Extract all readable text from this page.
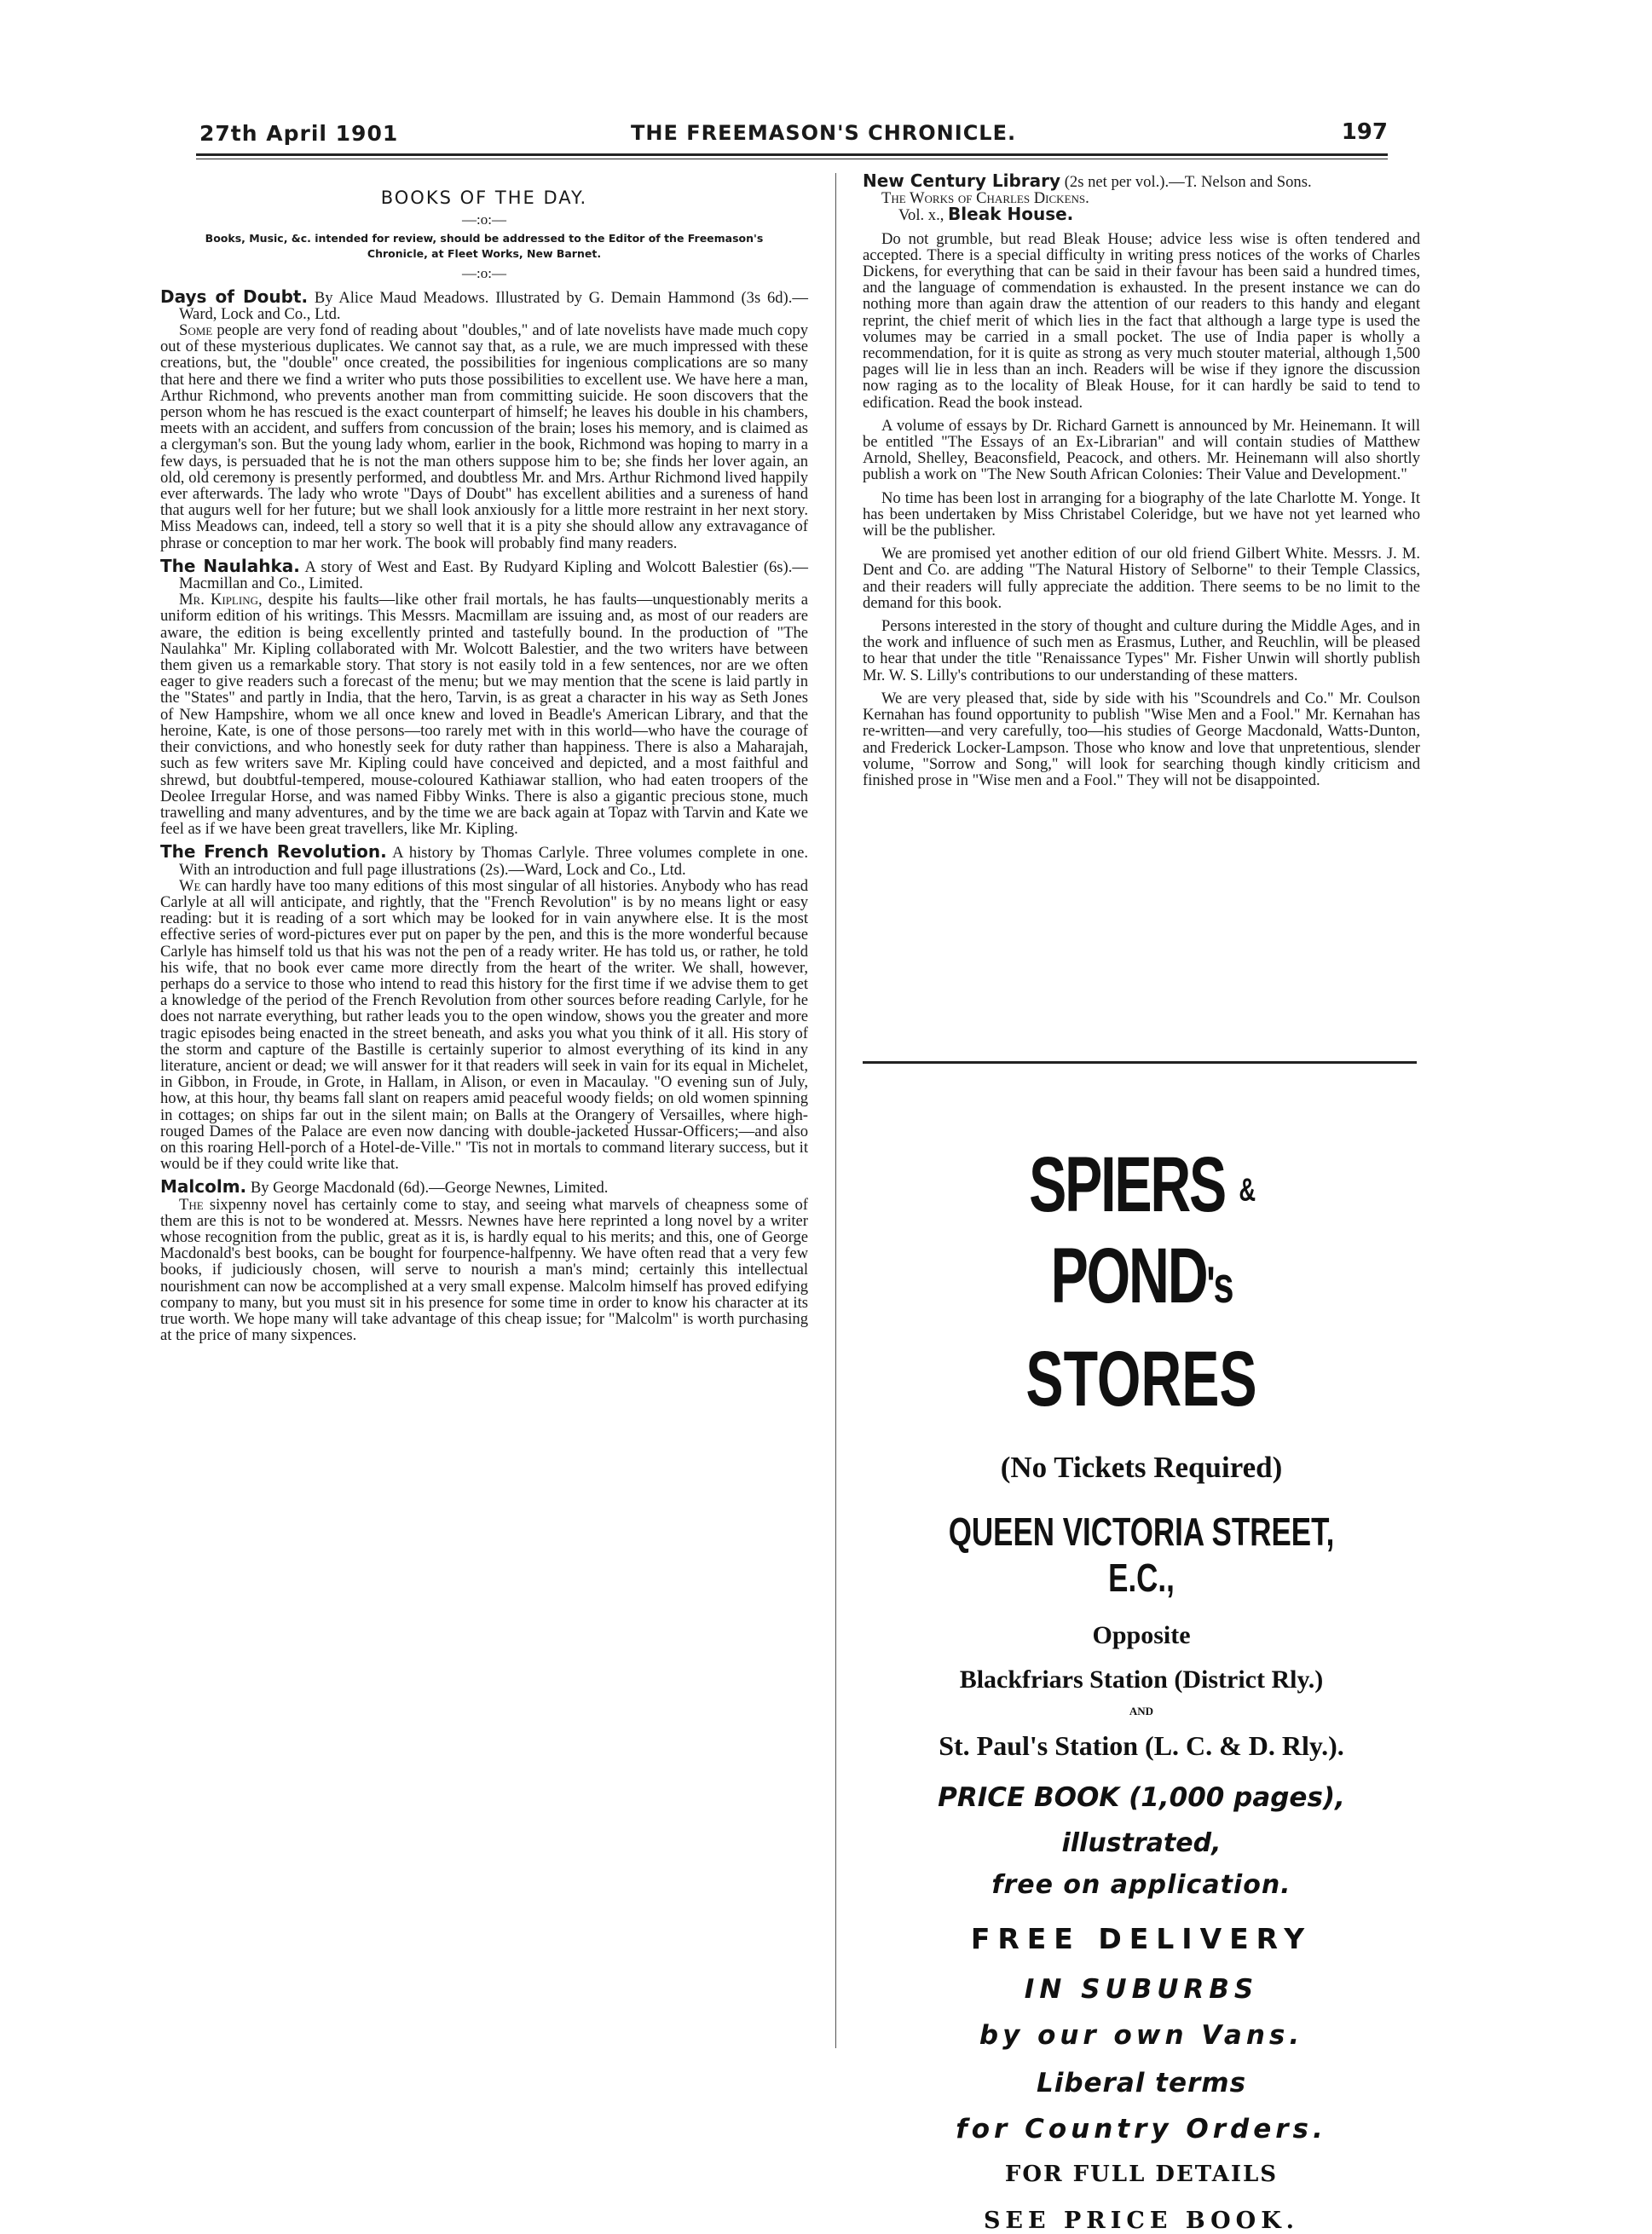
27th April 1901	THE FREEMASON'S CHRONICLE.	197
BOOKS OF THE DAY.
—:o:—
Books, Music, &c. intended for review, should be addressed to the Editor of the Freemason's Chronicle, at Fleet Works, New Barnet.
—:o:—
Days of Doubt. By Alice Maud Meadows. Illustrated by G. Demain Hammond (3s 6d).—Ward, Lock and Co., Ltd.

Some people are very fond of reading about "doubles," and of late novelists have made much copy out of these mysterious duplicates. We cannot say that, as a rule, we are much impressed with these creations, but, the "double" once created, the possibilities for ingenious complications are so many that here and there we find a writer who puts those possibilities to excellent use. We have here a man, Arthur Richmond, who prevents another man from committing suicide. He soon discovers that the person whom he has rescued is the exact counterpart of himself; he leaves his double in his chambers, meets with an accident, and suffers from concussion of the brain; loses his memory, and is claimed as a clergyman's son. But the young lady whom, earlier in the book, Richmond was hoping to marry in a few days, is persuaded that he is not the man others suppose him to be; she finds her lover again, an old, old ceremony is presently performed, and doubtless Mr. and Mrs. Arthur Richmond lived happily ever afterwards. The lady who wrote "Days of Doubt" has excellent abilities and a sureness of hand that augurs well for her future; but we shall look anxiously for a little more restraint in her next story. Miss Meadows can, indeed, tell a story so well that it is a pity she should allow any extravagance of phrase or conception to mar her work. The book will probably find many readers.

The Naulahka. A story of West and East. By Rudyard Kipling and Wolcott Balestier (6s).—Macmillan and Co., Limited.

Mr. Kipling, despite his faults—like other frail mortals, he has faults—unquestionably merits a uniform edition of his writings. This Messrs. Macmillam are issuing and, as most of our readers are aware, the edition is being excellently printed and tastefully bound. In the production of "The Naulahka" Mr. Kipling collaborated with Mr. Wolcott Balestier, and the two writers have between them given us a remarkable story. That story is not easily told in a few sentences, nor are we often eager to give readers such a forecast of the menu; but we may mention that the scene is laid partly in the "States" and partly in India, that the hero, Tarvin, is as great a character in his way as Seth Jones of New Hampshire, whom we all once knew and loved in Beadle's American Library, and that the heroine, Kate, is one of those persons—too rarely met with in this world—who have the courage of their convictions, and who honestly seek for duty rather than happiness. There is also a Maharajah, such as few writers save Mr. Kipling could have conceived and depicted, and a most faithful and shrewd, but doubtful-tempered, mouse-coloured Kathiawar stallion, who had eaten troopers of the Deolee Irregular Horse, and was named Fibby Winks. There is also a gigantic precious stone, much trawelling and many adventures, and by the time we are back again at Topaz with Tarvin and Kate we feel as if we have been great travellers, like Mr. Kipling.

The French Revolution. A history by Thomas Carlyle. Three volumes complete in one. With an introduction and full page illustrations (2s).—Ward, Lock and Co., Ltd.

We can hardly have too many editions of this most singular of all histories. Anybody who has read Carlyle at all will anticipate, and rightly, that the "French Revolution" is by no means light or easy reading: but it is reading of a sort which may be looked for in vain anywhere else. It is the most effective series of word-pictures ever put on paper by the pen, and this is the more wonderful because Carlyle has himself told us that his was not the pen of a ready writer. He has told us, or rather, he told his wife, that no book ever came more directly from the heart of the writer. We shall, however, perhaps do a service to those who intend to read this history for the first time if we advise them to get a knowledge of the period of the French Revolution from other sources before reading Carlyle, for he does not narrate everything, but rather leads you to the open window, shows you the greater and more tragic episodes being enacted in the street beneath, and asks you what you think of it all. His story of the storm and capture of the Bastille is certainly superior to almost everything of its kind in any literature, ancient or dead; we will answer for it that readers will seek in vain for its equal in Michelet, in Gibbon, in Froude, in Grote, in Hallam, in Alison, or even in Macaulay. "O evening sun of July, how, at this hour, thy beams fall slant on reapers amid peaceful woody fields; on old women spinning in cottages; on ships far out in the silent main; on Balls at the Orangery of Versailles, where high-rouged Dames of the Palace are even now dancing with double-jacketed Hussar-Officers;—and also on this roaring Hell-porch of a Hotel-de-Ville." 'Tis not in mortals to command literary success, but it would be if they could write like that.

Malcolm. By George Macdonald (6d).—George Newnes, Limited.

The sixpenny novel has certainly come to stay, and seeing what marvels of cheapness some of them are this is not to be wondered at. Messrs. Newnes have here reprinted a long novel by a writer whose recognition from the public, great as it is, is hardly equal to his merits; and this, one of George Macdonald's best books, can be bought for fourpence-halfpenny. We have often read that a very few books, if judiciously chosen, will serve to nourish a man's mind; certainly this intellectual nourishment can now be accomplished at a very small expense. Malcolm himself has proved edifying company to many, but you must sit in his presence for some time in order to know his character at its true worth. We hope many will take advantage of this cheap issue; for "Malcolm" is worth purchasing at the price of many sixpences.

New Century Library (2s net per vol.).—T. Nelson and Sons.
The Works of Charles Dickens.
Vol. x., Bleak House.

Do not grumble, but read Bleak House; advice less wise is often tendered and accepted. There is a special difficulty in writing press notices of the works of Charles Dickens, for everything that can be said in their favour has been said a hundred times, and the language of commendation is exhausted. In the present instance we can do nothing more than again draw the attention of our readers to this handy and elegant reprint, the chief merit of which lies in the fact that although a large type is used the volumes may be carried in a small pocket. The use of India paper is wholly a recommendation, for it is quite as strong as very much stouter material, although 1,500 pages will lie in less than an inch. Readers will be wise if they ignore the discussion now raging as to the locality of Bleak House, for it can hardly be said to tend to edification. Read the book instead.

A volume of essays by Dr. Richard Garnett is announced by Mr. Heinemann. It will be entitled "The Essays of an Ex-Librarian" and will contain studies of Matthew Arnold, Shelley, Beaconsfield, Peacock, and others. Mr. Heinemann will also shortly publish a work on "The New South African Colonies: Their Value and Development."

No time has been lost in arranging for a biography of the late Charlotte M. Yonge. It has been undertaken by Miss Christabel Coleridge, but we have not yet learned who will be the publisher.

We are promised yet another edition of our old friend Gilbert White. Messrs. J. M. Dent and Co. are adding "The Natural History of Selborne" to their Temple Classics, and their readers will fully appreciate the addition. There seems to be no limit to the demand for this book.

Persons interested in the story of thought and culture during the Middle Ages, and in the work and influence of such men as Erasmus, Luther, and Reuchlin, will be pleased to hear that under the title "Renaissance Types" Mr. Fisher Unwin will shortly publish Mr. W. S. Lilly's contributions to our understanding of these matters.

We are very pleased that, side by side with his "Scoundrels and Co." Mr. Coulson Kernahan has found opportunity to publish "Wise Men and a Fool." Mr. Kernahan has re-written—and very carefully, too—his studies of George Macdonald, Watts-Dunton, and Frederick Locker-Lampson. Those who know and love that unpretentious, slender volume, "Sorrow and Song," will look for searching though kindly criticism and finished prose in "Wise men and a Fool." They will not be disappointed.

SPIERS & POND's
STORES
(No Tickets Required)
QUEEN VICTORIA STREET, E.C.,
Opposite
Blackfriars Station (District Rly.)
AND
St. Paul's Station (L. C. & D. Rly.).
PRICE BOOK (1,000 pages),
illustrated,
free on application.
FREE DELIVERY
IN SUBURBS
by our own Vans.
Liberal terms
for Country Orders.
FOR FULL DETAILS
SEE PRICE BOOK.
